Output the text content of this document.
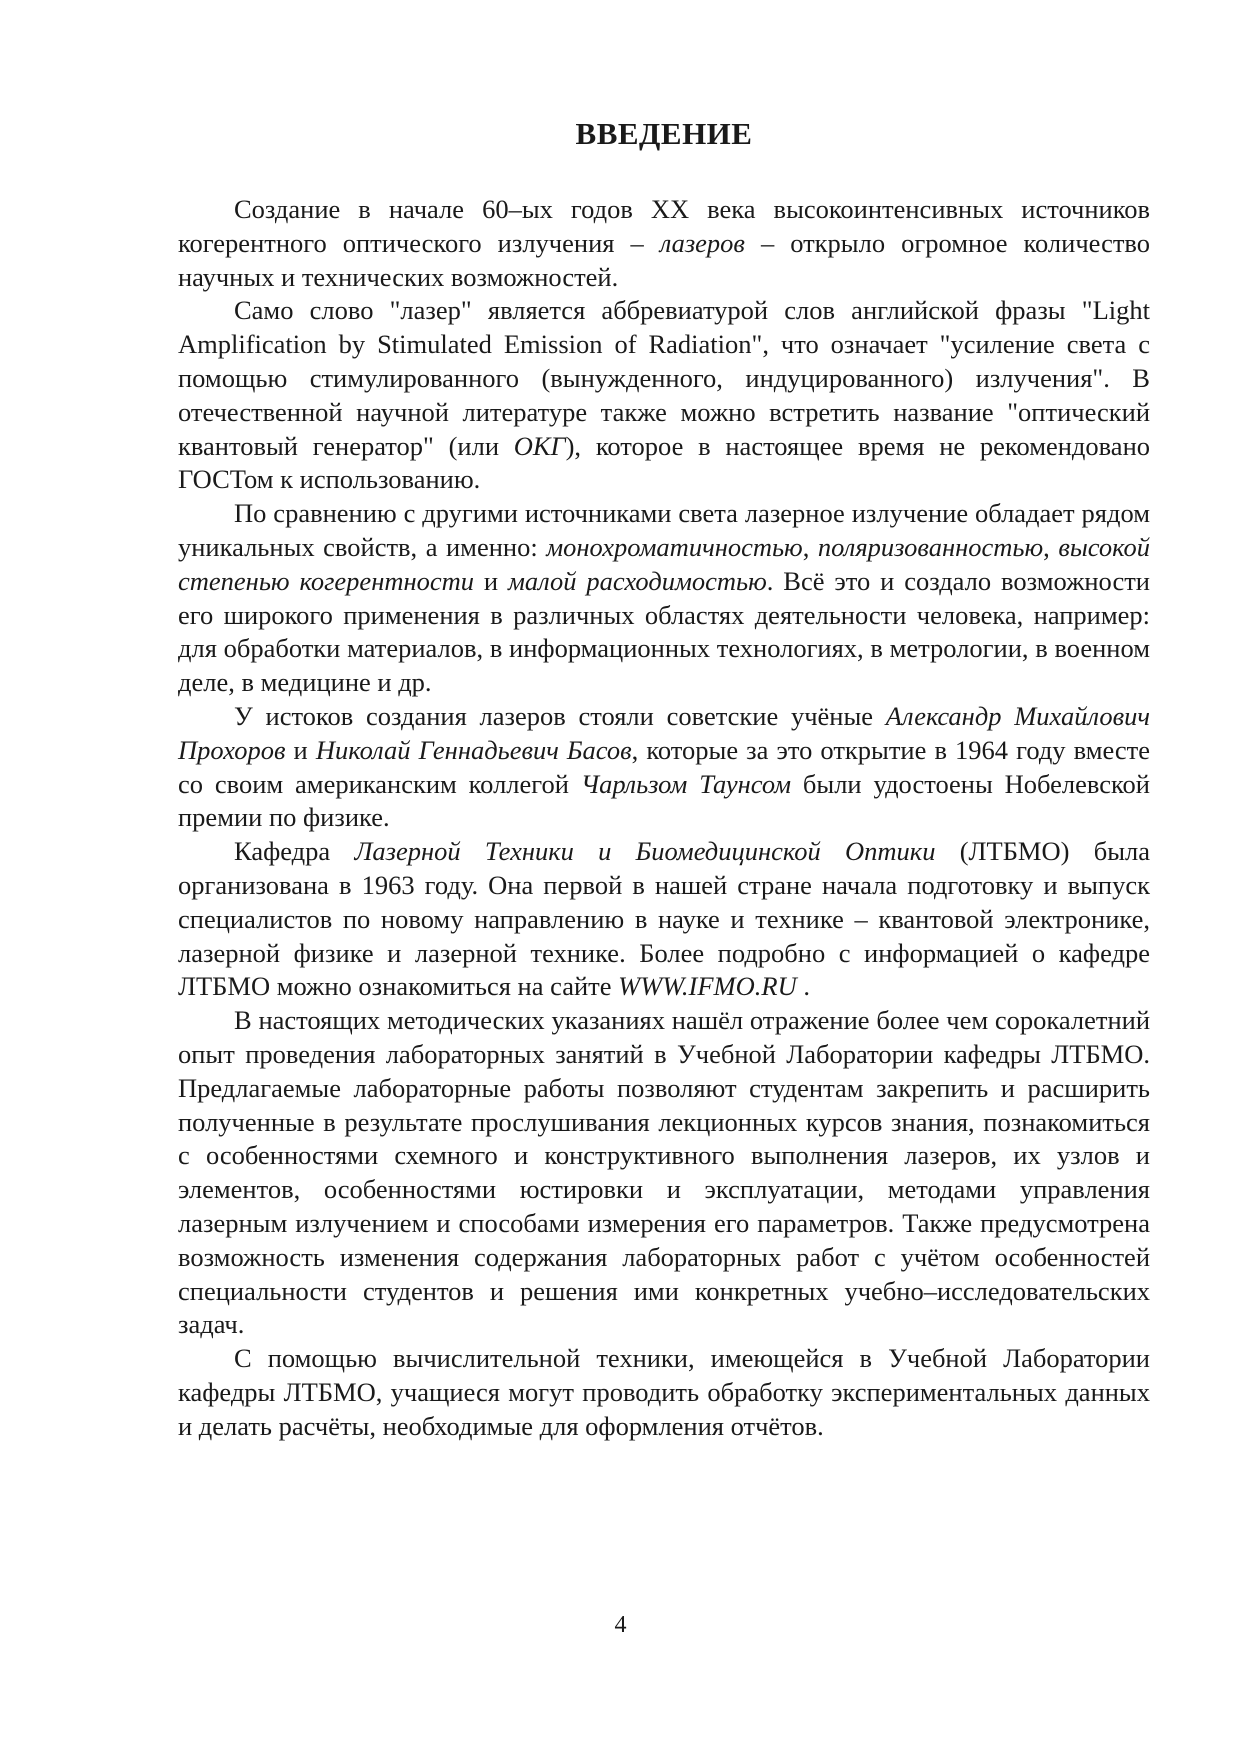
ВВЕДЕНИЕ

Создание в начале 60–ых годов XX века высокоинтенсивных источников когерентного оптического излучения – лазеров – открыло огромное количество научных и технических возможностей.

Само слово "лазер" является аббревиатурой слов английской фразы "Light Amplification by Stimulated Emission of Radiation", что означает "усиление света с помощью стимулированного (вынужденного, индуцированного) излучения". В отечественной научной литературе также можно встретить название "оптический квантовый генератор" (или ОКГ), которое в настоящее время не рекомендовано ГОСТом к использованию.

По сравнению с другими источниками света лазерное излучение обладает рядом уникальных свойств, а именно: монохроматичностью, поляризованностью, высокой степенью когерентности и малой расходимостью. Всё это и создало возможности его широкого применения в различных областях деятельности человека, например: для обработки материалов, в информационных технологиях, в метрологии, в военном деле, в медицине и др.

У истоков создания лазеров стояли советские учёные Александр Михайлович Прохоров и Николай Геннадьевич Басов, которые за это открытие в 1964 году вместе со своим американским коллегой Чарльзом Таунсом были удостоены Нобелевской премии по физике.

Кафедра Лазерной Техники и Биомедицинской Оптики (ЛТБМО) была организована в 1963 году. Она первой в нашей стране начала подготовку и выпуск специалистов по новому направлению в науке и технике – квантовой электронике, лазерной физике и лазерной технике. Более подробно с информацией о кафедре ЛТБМО можно ознакомиться на сайте WWW.IFMO.RU .

В настоящих методических указаниях нашёл отражение более чем сорокалетний опыт проведения лабораторных занятий в Учебной Лаборатории кафедры ЛТБМО. Предлагаемые лабораторные работы позволяют студентам закрепить и расширить полученные в результате прослушивания лекционных курсов знания, познакомиться с особенностями схемного и конструктивного выполнения лазеров, их узлов и элементов, особенностями юстировки и эксплуатации, методами управления лазерным излучением и способами измерения его параметров. Также предусмотрена возможность изменения содержания лабораторных работ с учётом особенностей специальности студентов и решения ими конкретных учебно–исследовательских задач.

С помощью вычислительной техники, имеющейся в Учебной Лаборатории кафедры ЛТБМО, учащиеся могут проводить обработку экспериментальных данных и делать расчёты, необходимые для оформления отчётов.

4
